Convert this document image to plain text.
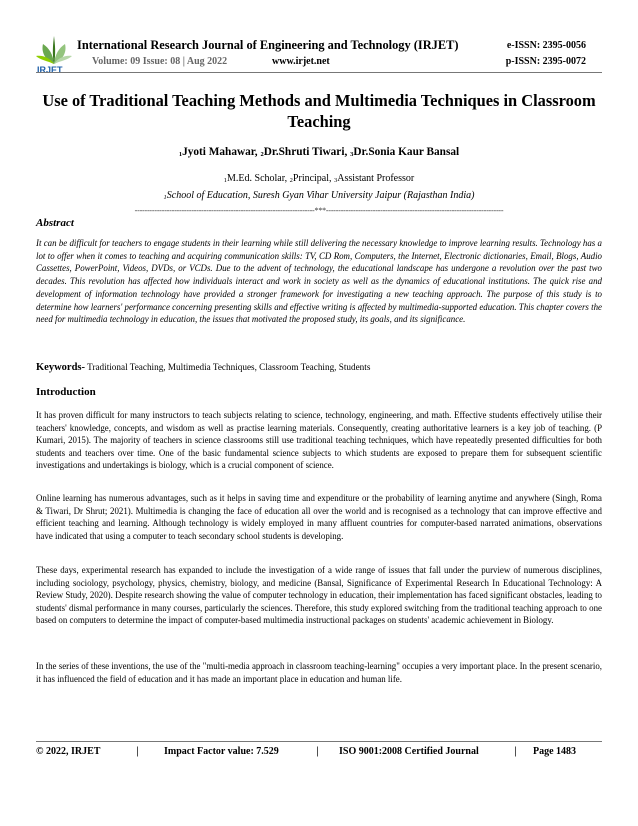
IRJET
International Research Journal of Engineering and Technology (IRJET)
Volume: 09 Issue: 08 | Aug 2022	www.irjet.net
e-ISSN: 2395-0056
p-ISSN: 2395-0072
Use of Traditional Teaching Methods and Multimedia Techniques in Classroom Teaching
$_1$Jyoti Mahawar, $_2$Dr.Shruti Tiwari, $_3$Dr.Sonia Kaur Bansal
$_1$M.Ed. Scholar, $_2$Principal, $_3$Assistant Professor
$_1$School of Education, Suresh Gyan Vihar University Jaipur (Rajasthan India)
-------------------------------------------------------------------------***------------------------------------------------------------------------
Abstract
It can be difficult for teachers to engage students in their learning while still delivering the necessary knowledge to improve learning results. Technology has a lot to offer when it comes to teaching and acquiring communication skills: TV, CD Rom, Computers, the Internet, Electronic dictionaries, Email, Blogs, Audio Cassettes, PowerPoint, Videos, DVDs, or VCDs. Due to the advent of technology, the educational landscape has undergone a revolution over the past two decades. This revolution has affected how individuals interact and work in society as well as the dynamics of educational institutions. The quick rise and development of information technology have provided a stronger framework for investigating a new teaching approach. The purpose of this study is to determine how learners' performance concerning presenting skills and effective writing is affected by multimedia-supported education. This chapter covers the need for multimedia technology in education, the issues that motivated the proposed study, its goals, and its significance.
Keywords- Traditional Teaching, Multimedia Techniques, Classroom Teaching, Students
Introduction
It has proven difficult for many instructors to teach subjects relating to science, technology, engineering, and math. Effective students effectively utilise their teachers' knowledge, concepts, and wisdom as well as practise learning materials. Consequently, creating authoritative learners is a key job of teaching. (P Kumari, 2015). The majority of teachers in science classrooms still use traditional teaching techniques, which have repeatedly presented difficulties for both students and teachers over time. One of the basic fundamental science subjects to which students are exposed to prepare them for subsequent scientific investigations and undertakings is biology, which is a crucial component of science.
Online learning has numerous advantages, such as it helps in saving time and expenditure or the probability of learning anytime and anywhere (Singh, Roma & Tiwari, Dr Shrut; 2021). Multimedia is changing the face of education all over the world and is recognised as a technology that can improve effective and efficient teaching and learning. Although technology is widely employed in many affluent countries for computer-based narrated animations, observations have indicated that using a computer to teach secondary school students is developing.
These days, experimental research has expanded to include the investigation of a wide range of issues that fall under the purview of numerous disciplines, including sociology, psychology, physics, chemistry, biology, and medicine (Bansal, Significance of Experimental Research In Educational Technology: A Review Study, 2020). Despite research showing the value of computer technology in education, their implementation has faced significant obstacles, leading to students' dismal performance in many courses, particularly the sciences. Therefore, this study explored switching from the traditional teaching approach to one based on computers to determine the impact of computer-based multimedia instructional packages on students' academic achievement in Biology.
In the series of these inventions, the use of the "multi-media approach in classroom teaching-learning" occupies a very important place. In the present scenario, it has influenced the field of education and it has made an important place in education and human life.
© 2022, IRJET	|	Impact Factor value: 7.529	| ISO 9001:2008 Certified Journal	| Page 1483
